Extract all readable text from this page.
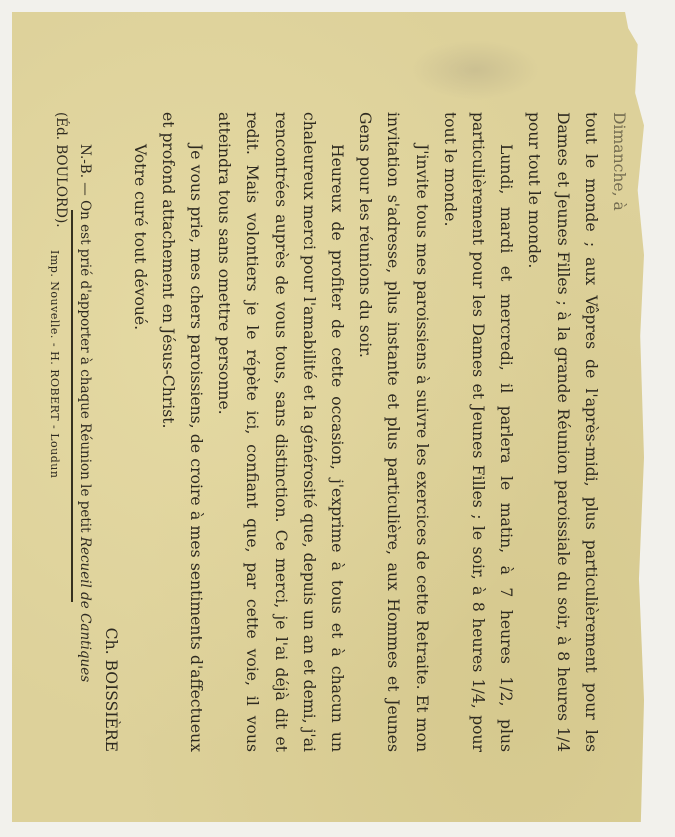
Dimanche, à

tout le monde ; aux Vêpres de l'après-midi, plus particulièrement pour les Dames et Jeunes Filles ; à la grande Réunion paroissiale du soir, à 8 heures 1/4 pour tout le monde.

Lundi, mardi et mercredi, il parlera le matin, à 7 heures 1/2, plus particulièrement pour les Dames et Jeunes Filles ; le soir, à 8 heures 1/4, pour tout le monde.

J'invite tous mes paroissiens à suivre les exercices de cette Retraite. Et mon invitation s'adresse, plus instante et plus particulière, aux Hommes et Jeunes Gens pour les réunions du soir.

Heureux de profiter de cette occasion, j'exprime à tous et à chacun un chaleureux merci pour l'amabilité et la générosité que, depuis un an et demi, j'ai rencontrées auprès de vous tous, sans distinction. Ce merci, je l'ai déjà dit et redit. Mais volontiers je le répète ici, confiant que, par cette voie, il vous atteindra tous sans omettre personne.

Je vous prie, mes chers paroissiens, de croire à mes sentiments d'affectueux et profond attachement en Jésus-Christ.

Votre curé tout dévoué.

Ch. BOISSIÈRE

N.-B. — On est prié d'apporter à chaque Réunion le petit Recueil de Cantiques

(Éd. BOULORD).

Imp. Nouvelle. - H. ROBERT - Loudun
